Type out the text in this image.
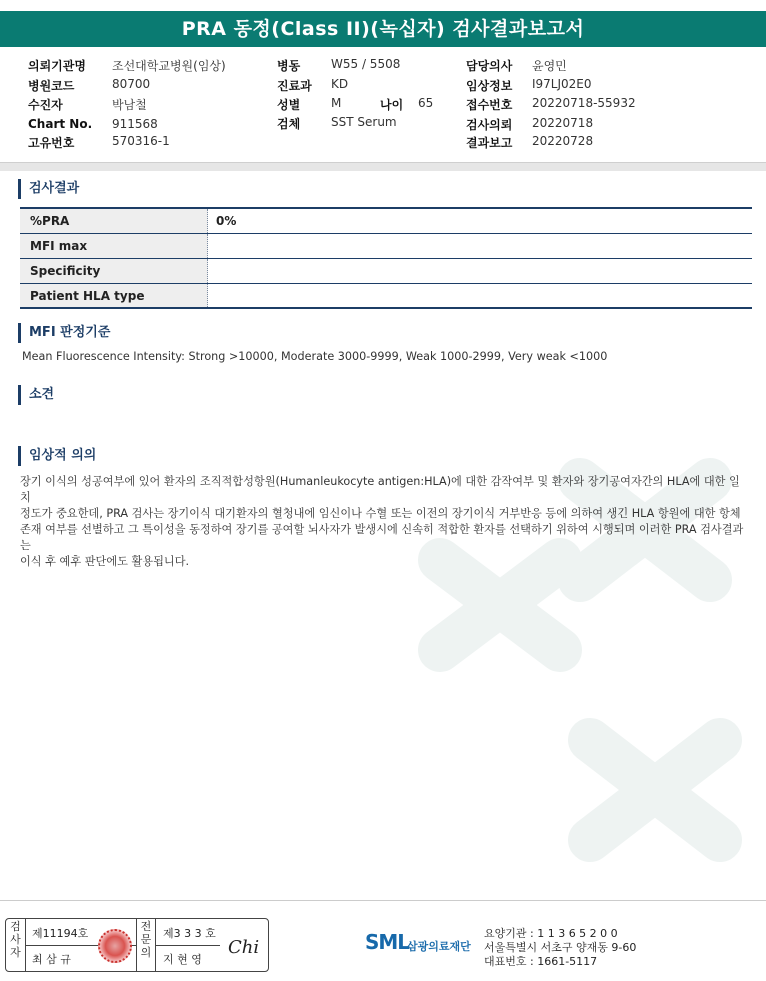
PRA 동정(Class II)(녹십자) 검사결과보고서
의뢰기관명 조선대학교병원(임상)
병원코드	80700
수진자	박남철
Chart No. 911568
고유번호	570316-1
병동	W55 / 5508
진료과 KD
성별	M	나이 65
검체	SST Serum
담당의사 윤영민
임상정보 I97LJ02E0
접수번호 20220718-55932
검사의뢰 20220718
결과보고 20220728
검사결과
%PRA	0%
MFI max
Specificity
Patient HLA type
MFI 판정기준
Mean Fluorescence Intensity: Strong >10000, Moderate 3000-9999, Weak 1000-2999, Very weak <1000
소견
임상적 의의
장기 이식의 성공여부에 있어 환자의 조직적합성항원(Humanleukocyte antigen:HLA)에 대한 감작여부 및 환자와 장기공여자간의 HLA에 대한 일치
정도가 중요한데, PRA 검사는 장기이식 대기환자의 혈청내에 임신이나 수혈 또는 이전의 장기이식 거부반응 등에 의하여 생긴 HLA 항원에 대한 항체
존재 여부를 선별하고 그 특이성을 동정하여 장기를 공여할 뇌사자가 발생시에 신속히 적합한 환자를 선택하기 위하여 시행되며 이러한 PRA 검사결과는
이식 후 예후 판단에도 활용됩니다.
검사자
제11194호
최 삼 규
전문의
제3 3 3 호
지 현 영
Chi	SML
삼광의료재단
요양기관 : 1 1 3 6 5 2 0 0
서울특별시 서초구 양재동 9-60
대표번호 : 1661-5117
